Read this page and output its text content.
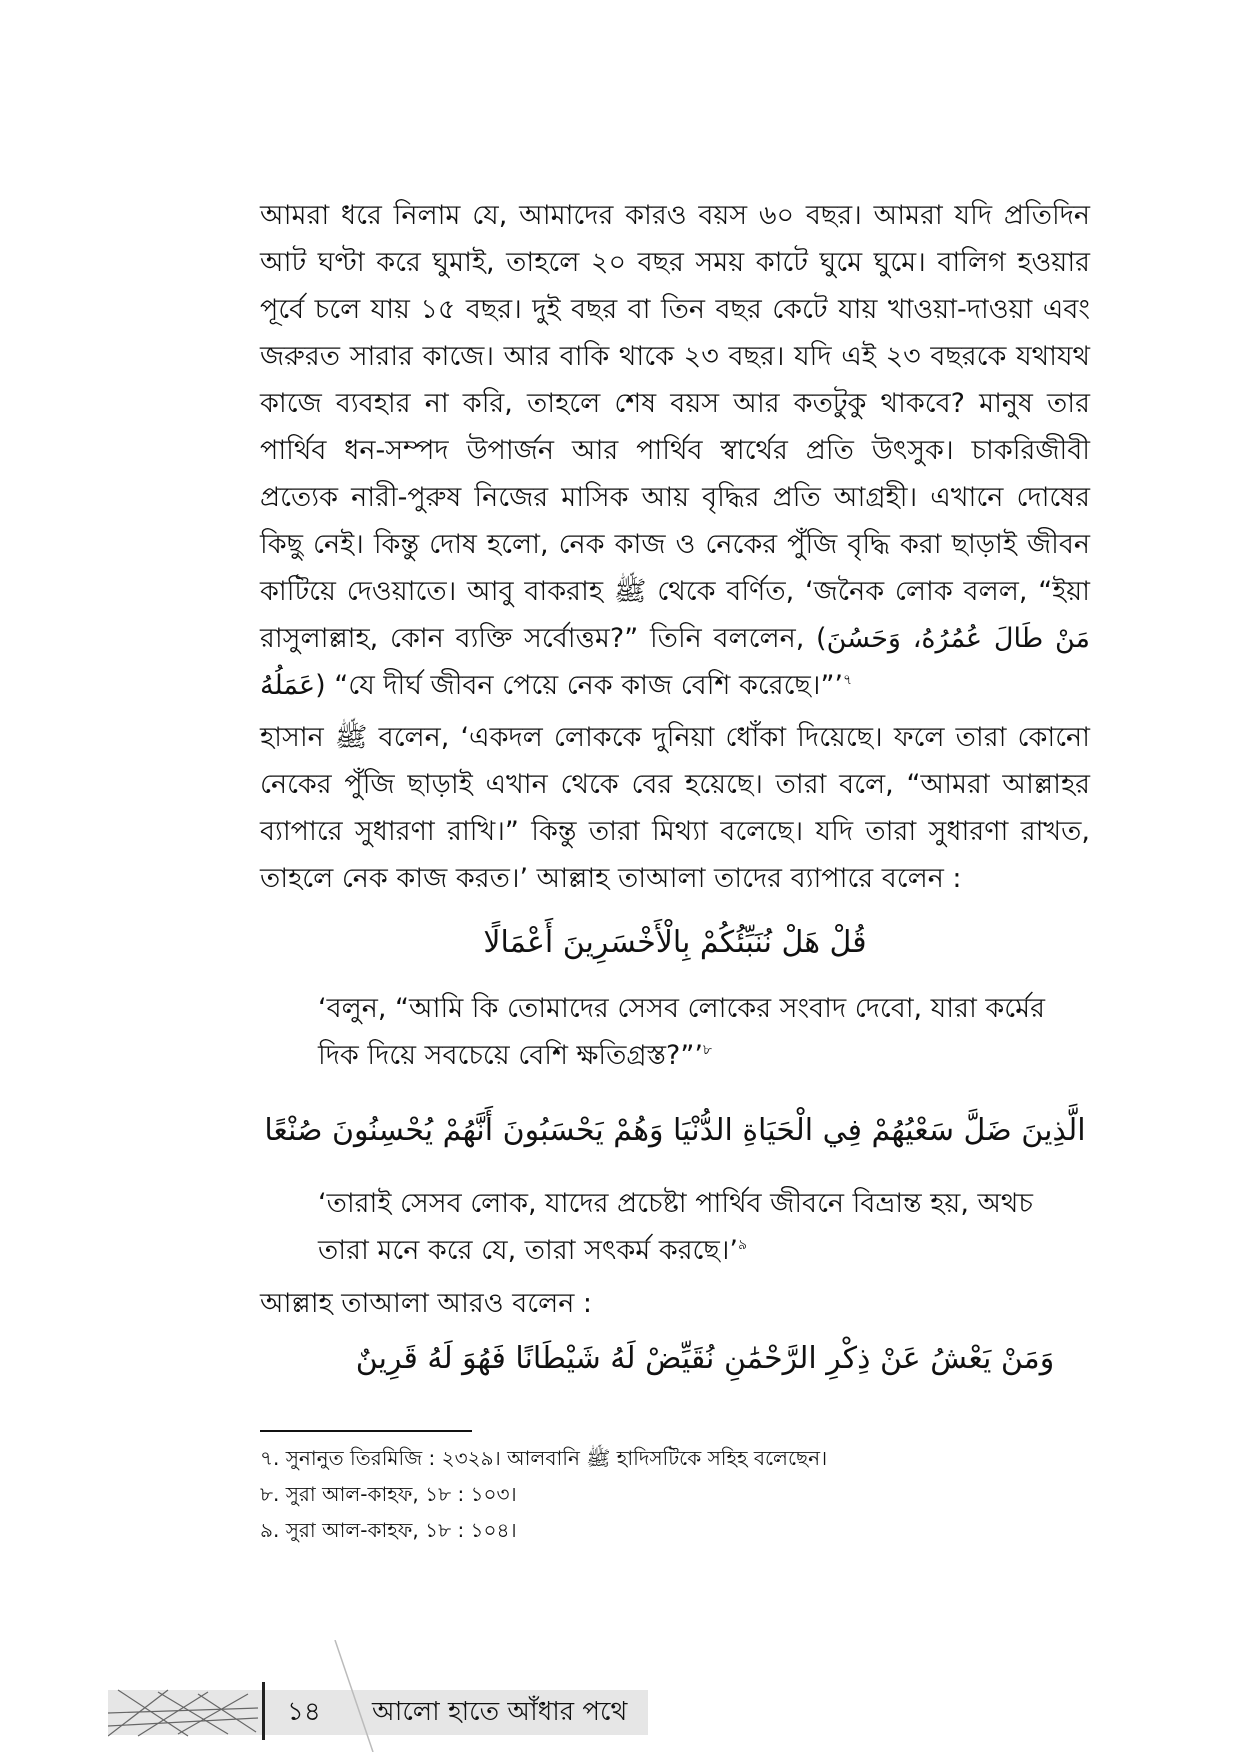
আমরা ধরে নিলাম যে, আমাদের কারও বয়স ৬০ বছর। আমরা যদি প্রতিদিন আট ঘণ্টা করে ঘুমাই, তাহলে ২০ বছর সময় কাটে ঘুমে ঘুমে। বালিগ হওয়ার পূর্বে চলে যায় ১৫ বছর। দুই বছর বা তিন বছর কেটে যায় খাওয়া-দাওয়া এবং জরুরত সারার কাজে। আর বাকি থাকে ২৩ বছর। যদি এই ২৩ বছরকে যথাযথ কাজে ব্যবহার না করি, তাহলে শেষ বয়স আর কতটুকু থাকবে? মানুষ তার পার্থিব ধন-সম্পদ উপার্জন আর পার্থিব স্বার্থের প্রতি উৎসুক। চাকরিজীবী প্রত্যেক নারী-পুরুষ নিজের মাসিক আয় বৃদ্ধির প্রতি আগ্রহী। এখানে দোষের কিছু নেই। কিন্তু দোষ হলো, নেক কাজ ও নেকের পুঁজি বৃদ্ধি করা ছাড়াই জীবন কাটিয়ে দেওয়াতে। আবু বাকরাহ ﷺ থেকে বর্ণিত, ‘জনৈক লোক বলল, “ইয়া রাসুলাল্লাহ, কোন ব্যক্তি সর্বোত্তম?” তিনি বললেন, (مَنْ طَالَ عُمُرُهُ، وَحَسُنَ عَمَلُهُ) “যে দীর্ঘ জীবন পেয়ে নেক কাজ বেশি করেছে।”’$^৭$
হাসান ﷺ বলেন, ‘একদল লোককে দুনিয়া ধোঁকা দিয়েছে। ফলে তারা কোনো নেকের পুঁজি ছাড়াই এখান থেকে বের হয়েছে। তারা বলে, “আমরা আল্লাহর ব্যাপারে সুধারণা রাখি।” কিন্তু তারা মিথ্যা বলেছে। যদি তারা সুধারণা রাখত, তাহলে নেক কাজ করত।’ আল্লাহ তাআলা তাদের ব্যাপারে বলেন :
قُلْ هَلْ نُنَبِّئُكُمْ بِالْأَخْسَرِينَ أَعْمَالًا
‘বলুন, “আমি কি তোমাদের সেসব লোকের সংবাদ দেবো, যারা কর্মের দিক দিয়ে সবচেয়ে বেশি ক্ষতিগ্রস্ত?”’$^৮$
الَّذِينَ ضَلَّ سَعْيُهُمْ فِي الْحَيَاةِ الدُّنْيَا وَهُمْ يَحْسَبُونَ أَنَّهُمْ يُحْسِنُونَ صُنْعًا
‘তারাই সেসব লোক, যাদের প্রচেষ্টা পার্থিব জীবনে বিভ্রান্ত হয়, অথচ তারা মনে করে যে, তারা সৎকর্ম করছে।’$^৯$
আল্লাহ তাআলা আরও বলেন :
وَمَنْ يَعْشُ عَنْ ذِكْرِ الرَّحْمَٰنِ نُقَيِّضْ لَهُ شَيْطَانًا فَهُوَ لَهُ قَرِينٌ
৭. সুনানুত তিরমিজি : ২৩২৯। আলবানি ﷺ হাদিসটিকে সহিহ বলেছেন।
৮. সুরা আল-কাহফ, ১৮ : ১০৩।
৯. সুরা আল-কাহফ, ১৮ : ১০৪।
১৪ আলো হাতে আঁধার পথে
